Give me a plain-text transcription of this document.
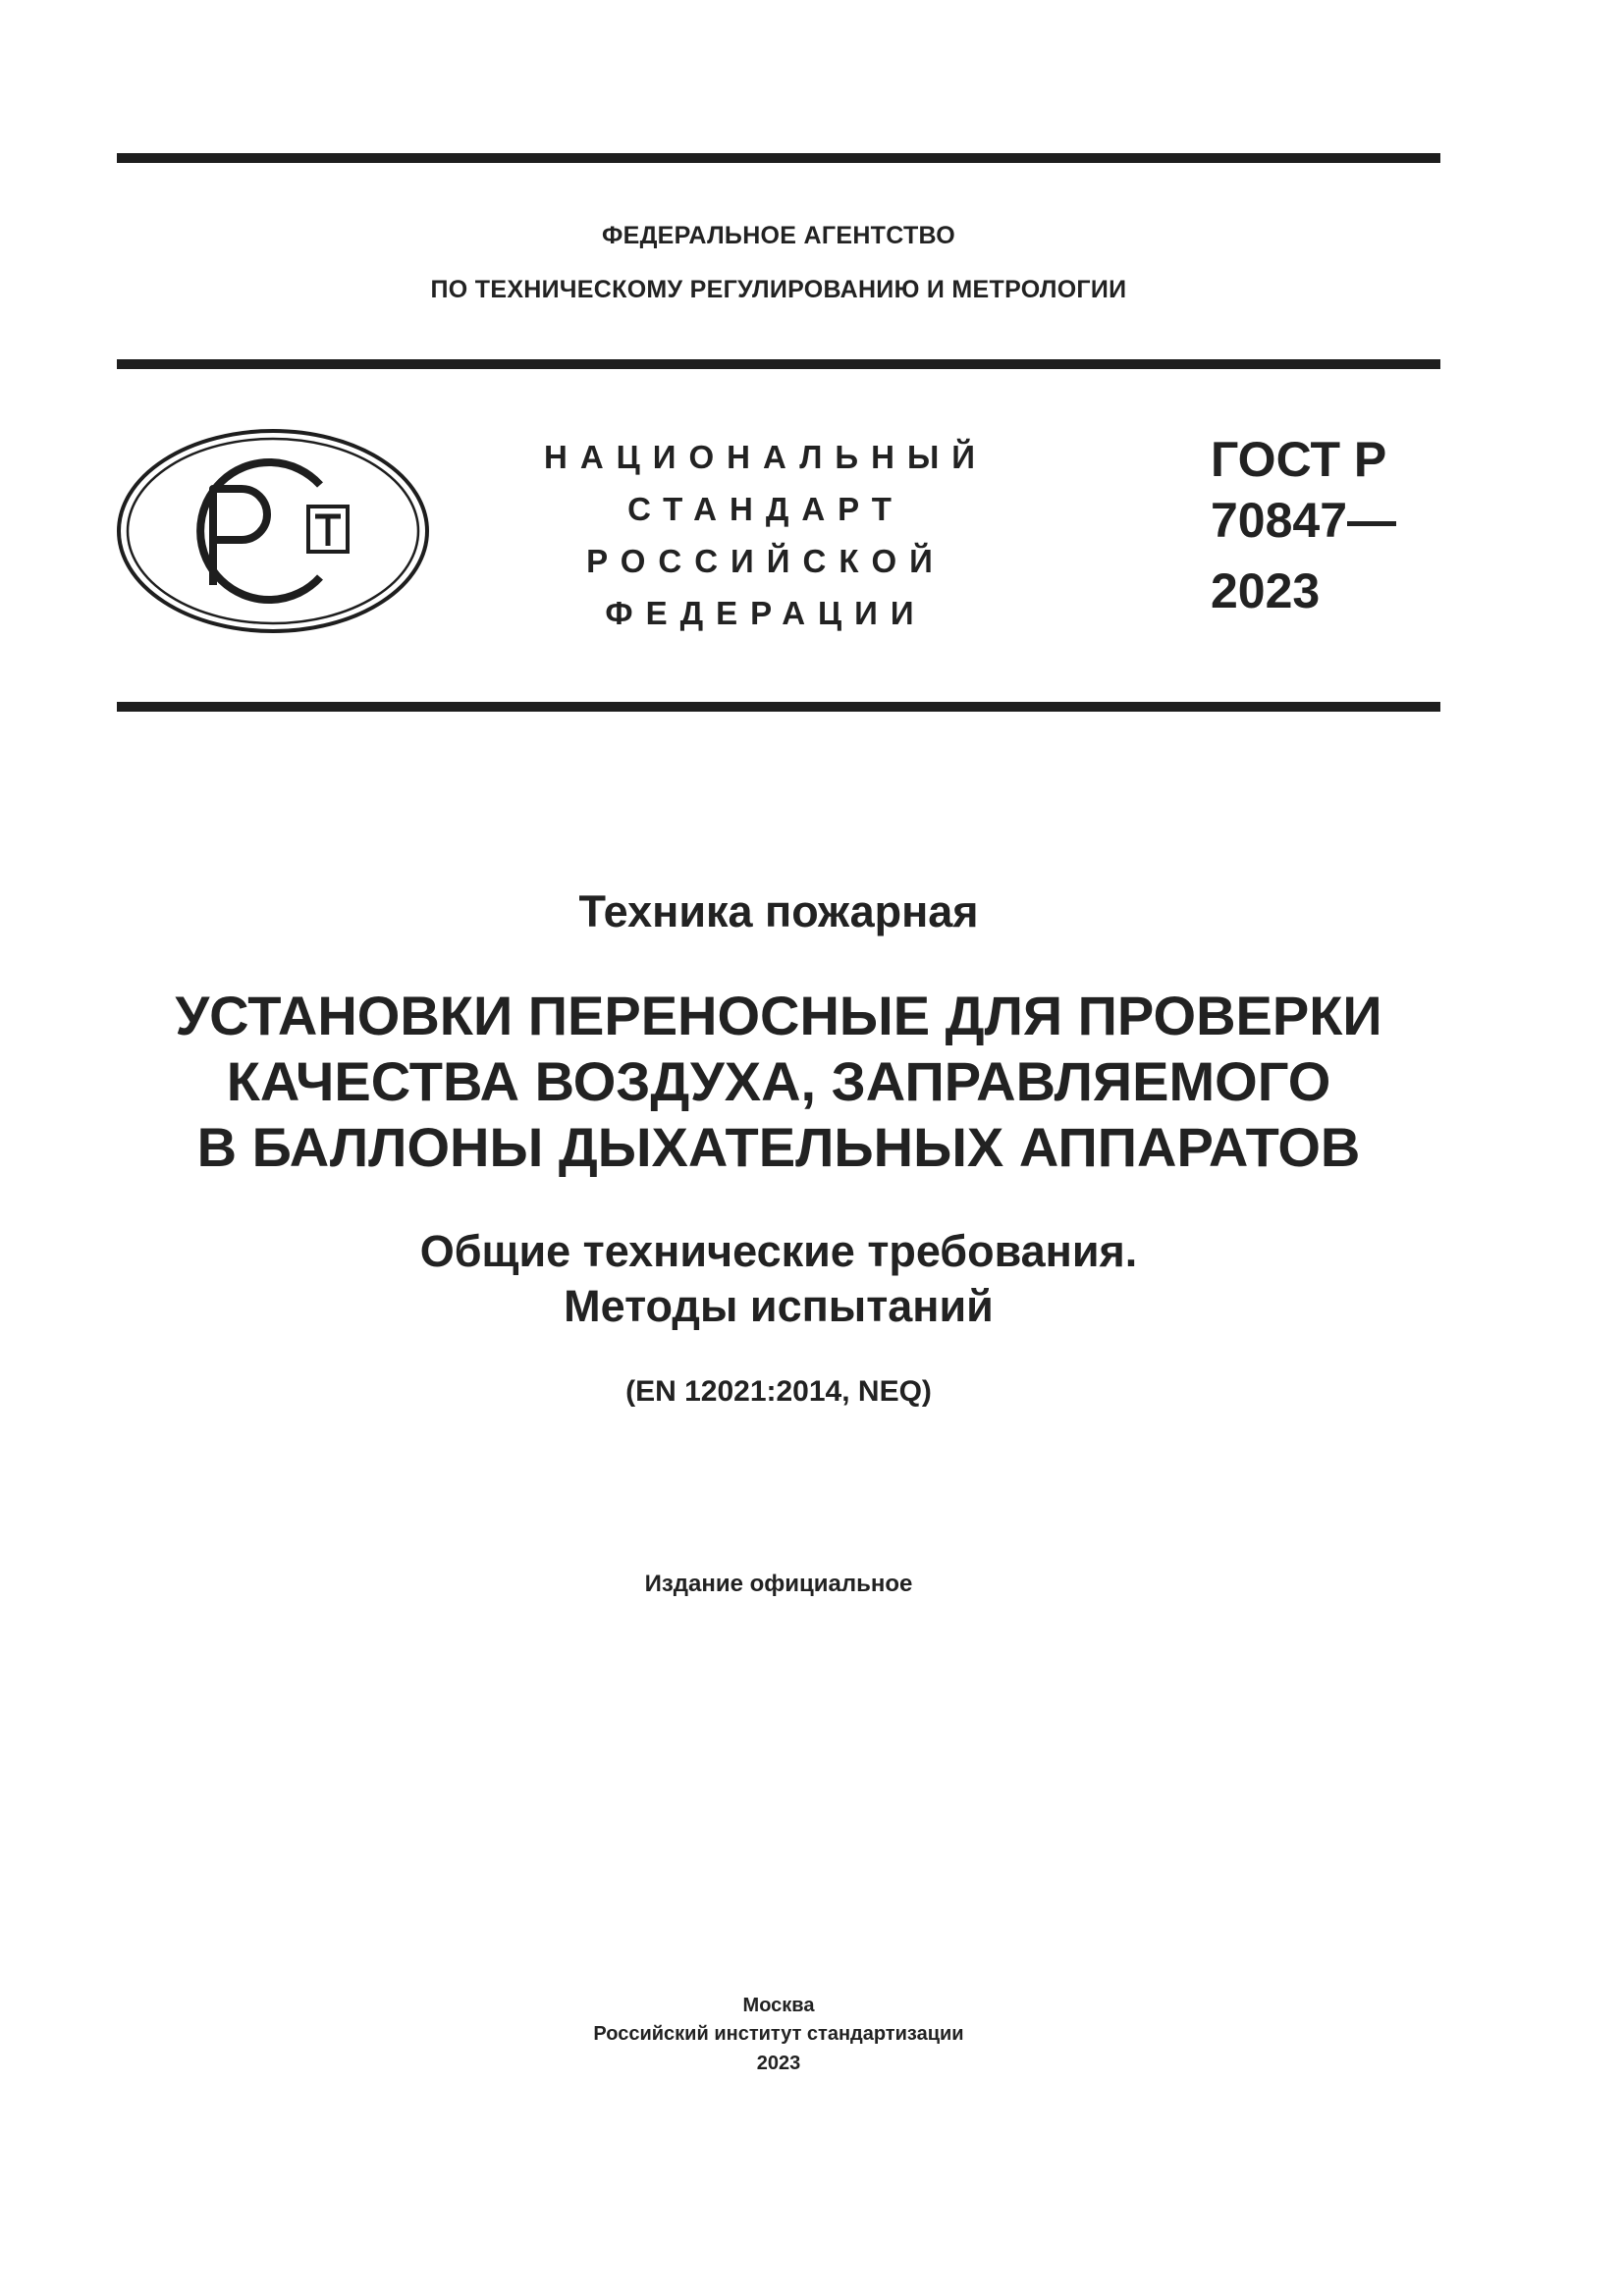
ФЕДЕРАЛЬНОЕ АГЕНТСТВО
ПО ТЕХНИЧЕСКОМУ РЕГУЛИРОВАНИЮ И МЕТРОЛОГИИ
НАЦИОНАЛЬНЫЙ
СТАНДАРТ
РОССИЙСКОЙ
ФЕДЕРАЦИИ
ГОСТ Р
70847—
2023
Техника пожарная
УСТАНОВКИ ПЕРЕНОСНЫЕ ДЛЯ ПРОВЕРКИ
КАЧЕСТВА ВОЗДУХА, ЗАПРАВЛЯЕМОГО
В БАЛЛОНЫ ДЫХАТЕЛЬНЫХ АППАРАТОВ
Общие технические требования.
Методы испытаний
(EN 12021:2014, NEQ)
Издание официальное
Москва
Российский институт стандартизации
2023
